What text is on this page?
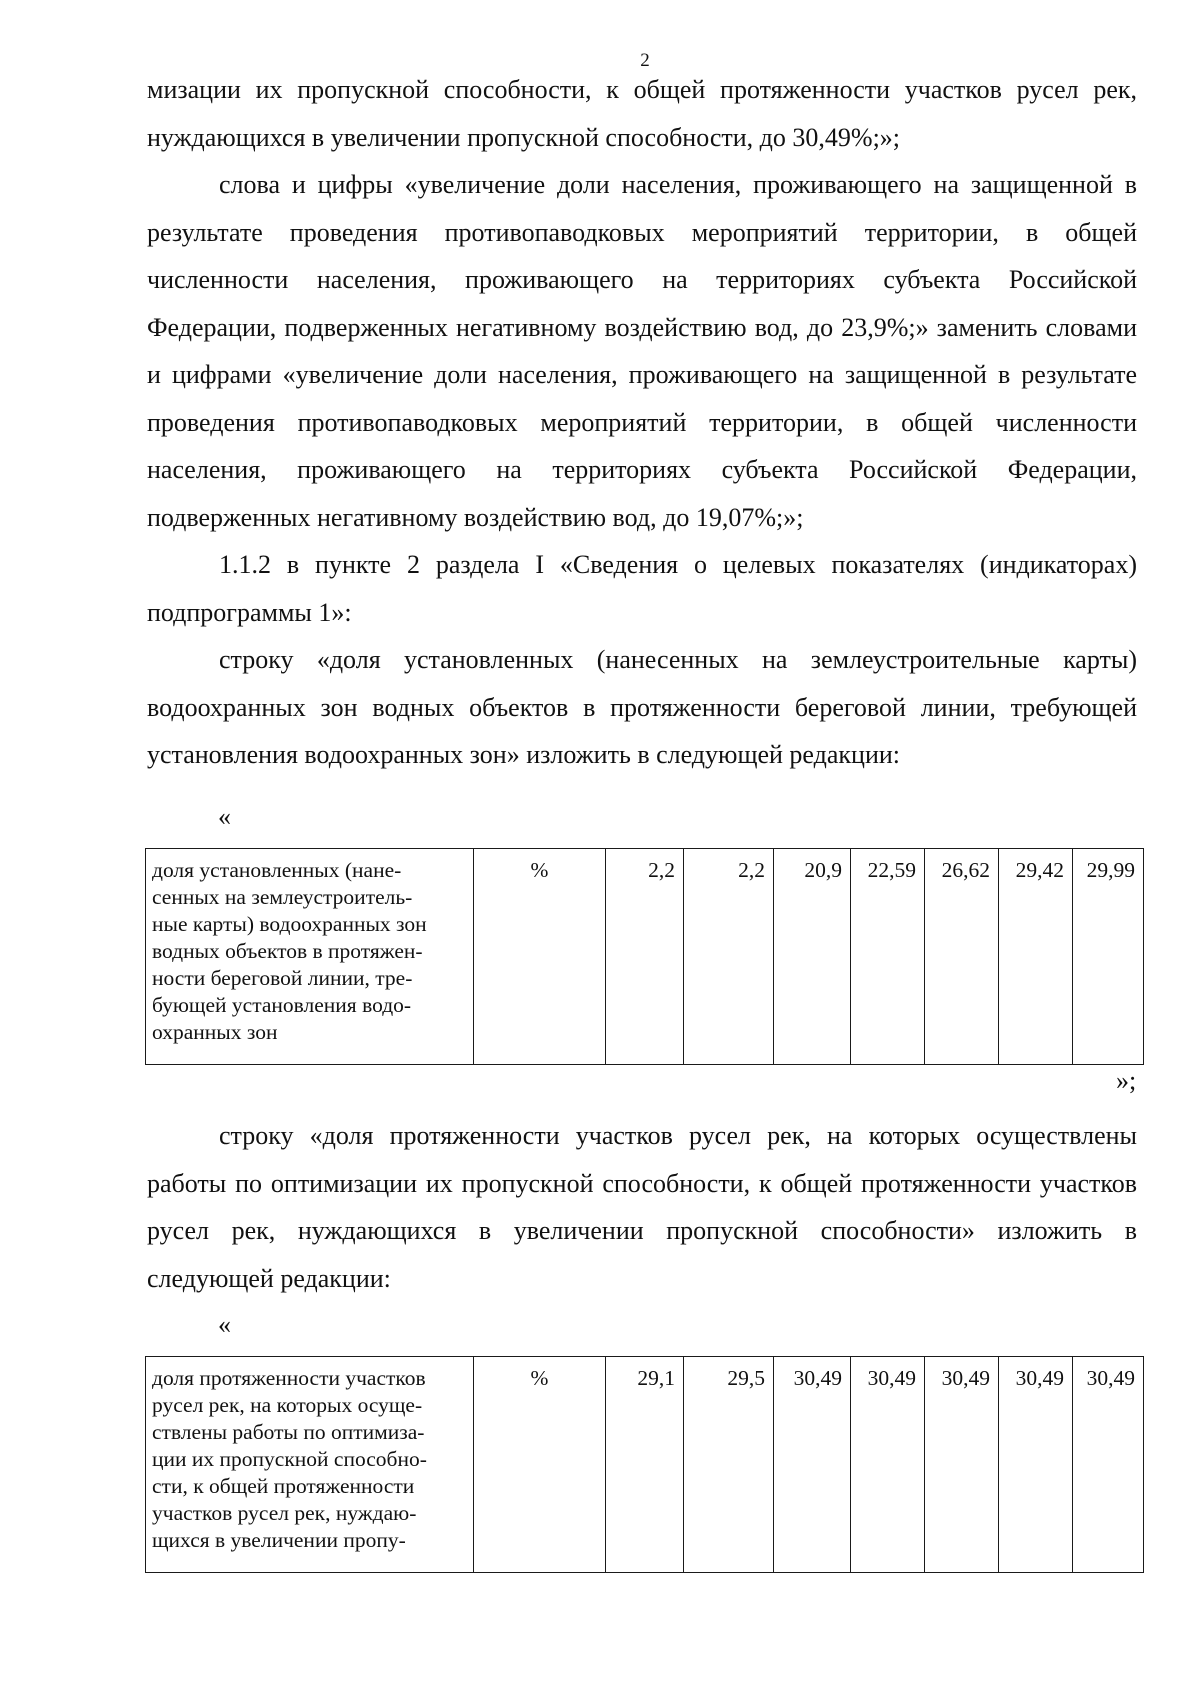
2

мизации их пропускной способности, к общей протяженности участков русел рек, нуждающихся в увеличении пропускной способности, до 30,49%;»;

слова и цифры «увеличение доли населения, проживающего на защищенной в результате проведения противопаводковых мероприятий территории, в общей численности населения, проживающего на территориях субъекта Российской Федерации, подверженных негативному воздействию вод, до 23,9%;» заменить словами и цифрами «увеличение доли населения, проживающего на защищенной в результате проведения противопаводковых мероприятий территории, в общей численности населения, проживающего на территориях субъекта Российской Федерации, подверженных негативному воздействию вод, до 19,07%;»;

1.1.2 в пункте 2 раздела I «Сведения о целевых показателях (индикаторах) подпрограммы 1»:

строку «доля установленных (нанесенных на землеустроительные карты) водоохранных зон водных объектов в протяженности береговой линии, требующей установления водоохранных зон» изложить в следующей редакции:

«
доля установленных (нане-
сенных на землеустроитель-
ные карты) водоохранных зон
водных объектов в протяжен-
ности береговой линии, тре-
бующей установления водо-
охранных зон	%	2,2	2,2	20,9	22,59	26,62	29,42	29,99
»;

строку «доля протяженности участков русел рек, на которых осуществлены работы по оптимизации их пропускной способности, к общей протяженности участков русел рек, нуждающихся в увеличении пропускной способности» изложить в следующей редакции:

«
доля протяженности участков
русел рек, на которых осуще-
ствлены работы по оптимиза-
ции их пропускной способно-
сти, к общей протяженности
участков русел рек, нуждаю-
щихся в увеличении пропу-	%	29,1	29,5	30,49	30,49	30,49	30,49	30,49
